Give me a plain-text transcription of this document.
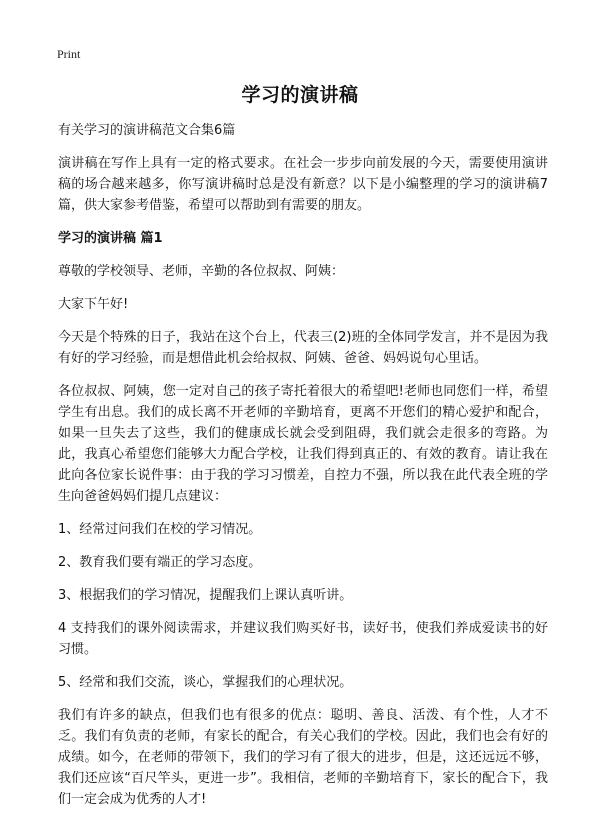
Print
学习的演讲稿

有关学习的演讲稿范文合集6篇

演讲稿在写作上具有一定的格式要求。在社会一步步向前发展的今天，需要使用演讲稿的场合越来越多，你写演讲稿时总是没有新意？以下是小编整理的学习的演讲稿7篇，供大家参考借鉴，希望可以帮助到有需要的朋友。

学习的演讲稿 篇1

尊敬的学校领导、老师，辛勤的各位叔叔、阿姨：

大家下午好!

今天是个特殊的日子，我站在这个台上，代表三(2)班的全体同学发言，并不是因为我有好的学习经验，而是想借此机会给叔叔、阿姨、爸爸、妈妈说句心里话。

各位叔叔、阿姨，您一定对自己的孩子寄托着很大的希望吧!老师也同您们一样，希望学生有出息。我们的成长离不开老师的辛勤培育，更离不开您们的精心爱护和配合，如果一旦失去了这些，我们的健康成长就会受到阻碍，我们就会走很多的弯路。为此，我真心希望您们能够大力配合学校，让我们得到真正的、有效的教育。请让我在此向各位家长说件事：由于我的学习习惯差，自控力不强，所以我在此代表全班的学生向爸爸妈妈们提几点建议：

1、经常过问我们在校的学习情况。

2、教育我们要有端正的学习态度。

3、根据我们的学习情况，提醒我们上课认真听讲。

4 支持我们的课外阅读需求，并建议我们购买好书，读好书，使我们养成爱读书的好习惯。

5、经常和我们交流，谈心，掌握我们的心理状况。

我们有许多的缺点，但我们也有很多的优点：聪明、善良、活泼、有个性，人才不乏。我们有负责的老师，有家长的配合，有关心我们的学校。因此，我们也会有好的成绩。如今，在老师的带领下，我们的学习有了很大的进步，但是，这还远远不够，我们还应该“百尺竿头，更进一步”。我相信，老师的辛勤培育下，家长的配合下，我们一定会成为优秀的人才!
